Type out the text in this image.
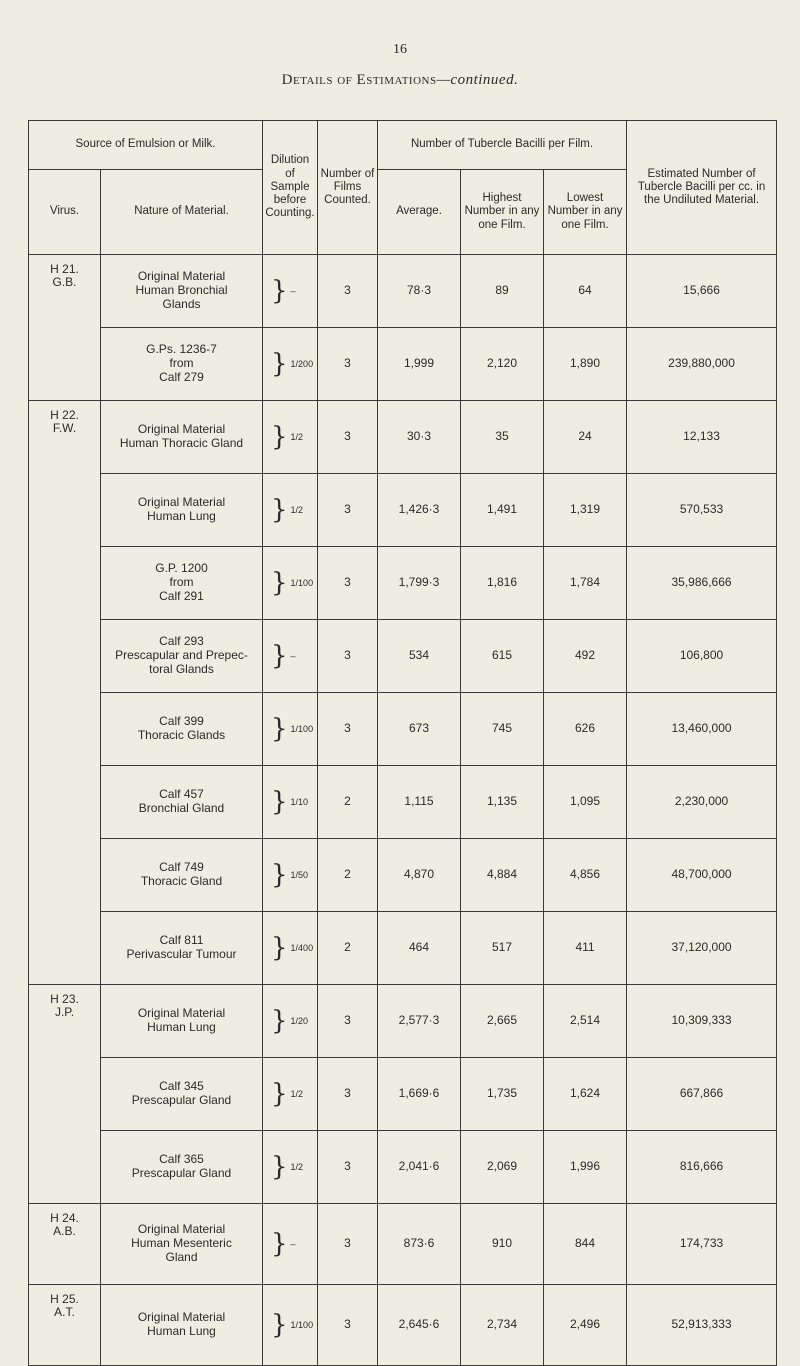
16
Details of Estimations—continued.
Source of Emulsion or Milk.		Dilution of Sample before Counting.	Number of Films Counted.	Number of Tubercle Bacilli per Film.			Estimated Number of Tubercle Bacilli per cc. in the Undiluted Material.
Virus.	Nature of Material.			Average.	Highest Number in any one Film.	Lowest Number in any one Film.	

H 21.
G.B.	Original Material
Human Bronchial
Glands	} –	3	78·3	89	64	15,666

	G.Ps. 1236-7
from
Calf 279	} 1/200	3	1,999	2,120	1,890	239,880,000

H 22.
F.W.	Original Material
Human Thoracic Gland	} 1/2	3	30·3	35	24	12,133

	Original Material
Human Lung	} 1/2	3	1,426·3	1,491	1,319	570,533

	G.P. 1200
from
Calf 291	} 1/100	3	1,799·3	1,816	1,784	35,986,666

	Calf 293
Prescapular and Prepec-
toral Glands	} –	3	534	615	492	106,800

	Calf 399
Thoracic Glands	} 1/100	3	673	745	626	13,460,000

	Calf 457
Bronchial Gland	} 1/10	2	1,115	1,135	1,095	2,230,000

	Calf 749
Thoracic Gland	} 1/50	2	4,870	4,884	4,856	48,700,000

	Calf 811
Perivascular Tumour	} 1/400	2	464	517	411	37,120,000

H 23.
J.P.	Original Material
Human Lung	} 1/20	3	2,577·3	2,665	2,514	10,309,333

	Calf 345
Prescapular Gland	} 1/2	3	1,669·6	1,735	1,624	667,866

	Calf 365
Prescapular Gland	} 1/2	3	2,041·6	2,069	1,996	816,666

H 24.
A.B.	Original Material
Human Mesenteric
Gland	} –	3	873·6	910	844	174,733

H 25.
A.T.	Original Material
Human Lung	} 1/100	3	2,645·6	2,734	2,496	52,913,333
